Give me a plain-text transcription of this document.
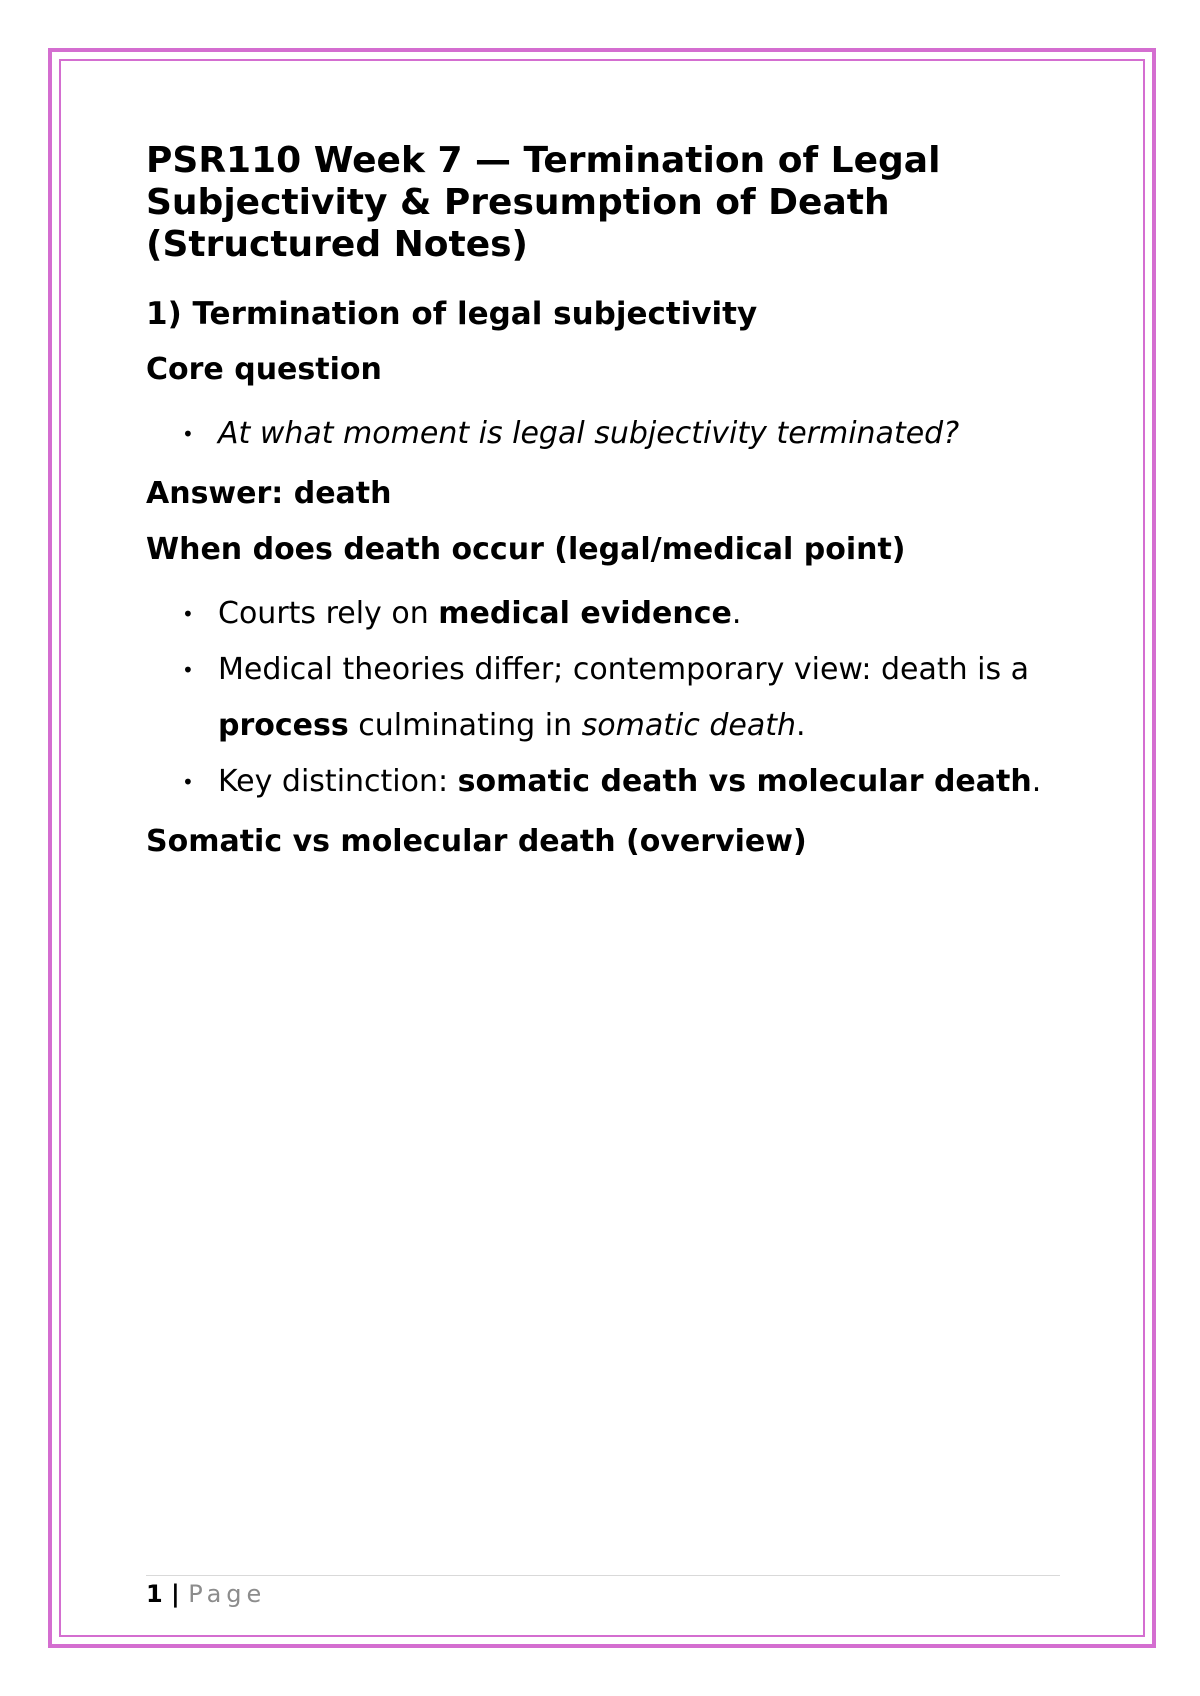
PSR110 Week 7 — Termination of Legal Subjectivity & Presumption of Death (Structured Notes)
1) Termination of legal subjectivity
Core question
• At what moment is legal subjectivity terminated?
Answer: death
When does death occur (legal/medical point)
• Courts rely on medical evidence.
• Medical theories differ; contemporary view: death is a process culminating in somatic death.
• Key distinction: somatic death vs molecular death.
Somatic vs molecular death (overview)
1 | Page
